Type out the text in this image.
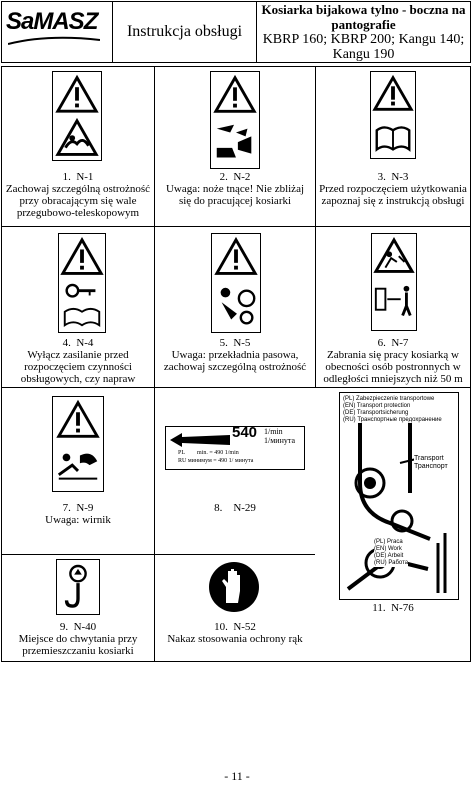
SaMASZ	Instrukcja obsługi
Kosiarka bijakowa tylno - boczna na
pantografie
KBRP 160; KBRP 200; Kangu 140;
Kangu 190
1. N-1
Zachowaj szczególną ostrożność
przy obracającym się wale
przegubowo-teleskopowym
2. N-2
Uwaga: noże tnące! Nie zbliżaj
się do pracującej kosiarki
3. N-3
Przed rozpoczęciem użytkowania
zapoznaj się z instrukcją obsługi
4. N-4
Wyłącz zasilanie przed
rozpoczęciem czynności
obsługowych, czy napraw
5. N-5
Uwaga: przekładnia pasowa,
zachowaj szczególną ostrożność
6. N-7
Zabrania się pracy kosiarką w
obecności osób postronnych w
odległości mniejszych niż 50 m
7. N-9
Uwaga: wirnik
540 1/min
1/минута
PL min. = 490 1/min
RU минимум = 490 1/ минута
8. N-29
(PL) Zabezpieczenie transportowe
(EN) Transport protection
(DE) Transportsicherung
(RU) Транспортные предохранение
Transport
Транспорт
(PL) Praca
(EN) Work
(DE) Arbeit
(RU) Работа
11. N-76
9. N-40
Miejsce do chwytania przy
przemieszczaniu kosiarki
10. N-52
Nakaz stosowania ochrony rąk
- 11 -
